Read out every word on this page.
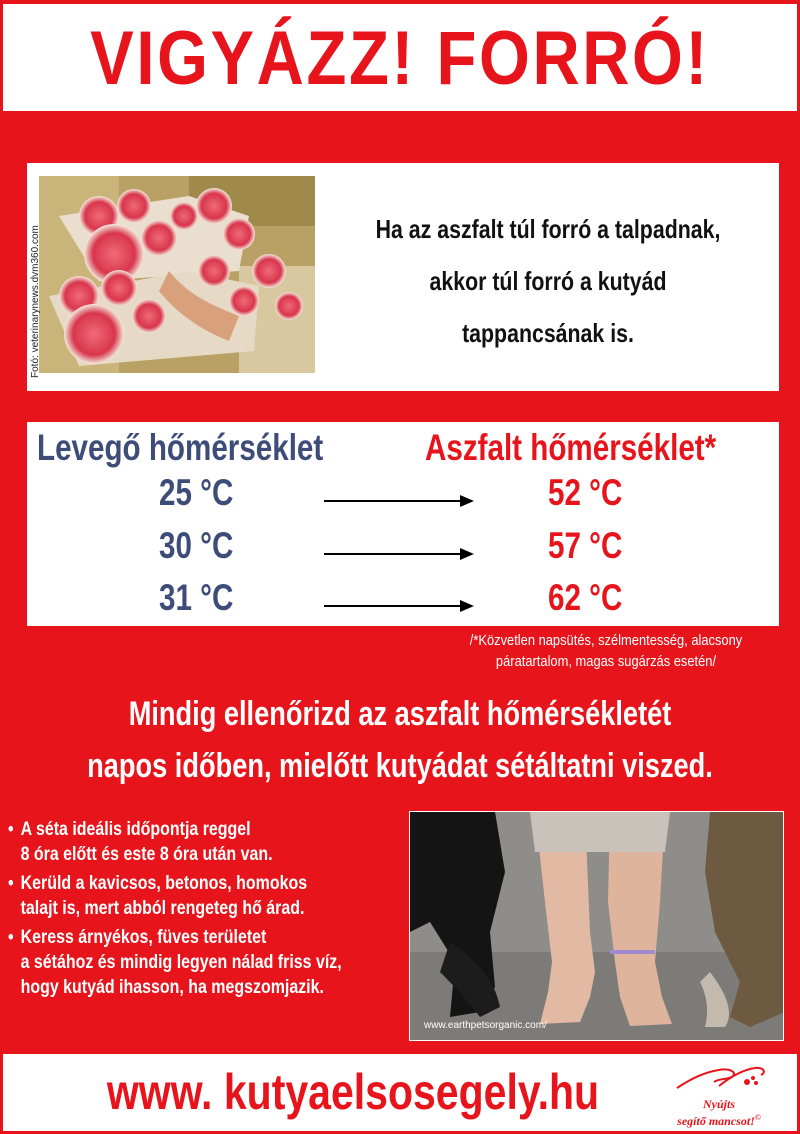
VIGYÁZZ! FORRÓ!
Ha az aszfalt túl forró a talpadnak,
akkor túl forró a kutyád
tappancsának is.
Fotó: veterinarynews.dvm360.com
Levegő hőmérséklet	Aszfalt hőmérséklet*
25 °C	52 °C
30 °C	57 °C
31 °C	62 °C
/*Közvetlen napsütés, szélmentesség, alacsony
páratartalom, magas sugárzás esetén/
Mindig ellenőrizd az aszfalt hőmérsékletét
napos időben, mielőtt kutyádat sétáltatni viszed.
• A séta ideális időpontja reggel
8 óra előtt és este 8 óra után van.
• Kerüld a kavicsos, betonos, homokos
talajt is, mert abból rengeteg hő árad.
• Keress árnyékos, füves területet
a sétához és mindig legyen nálad friss víz,
hogy kutyád ihasson, ha megszomjazik.
www.earthpetsorganic.com/
www. kutyaelsosegely.hu	Nyújts
segítő mancsot!©
